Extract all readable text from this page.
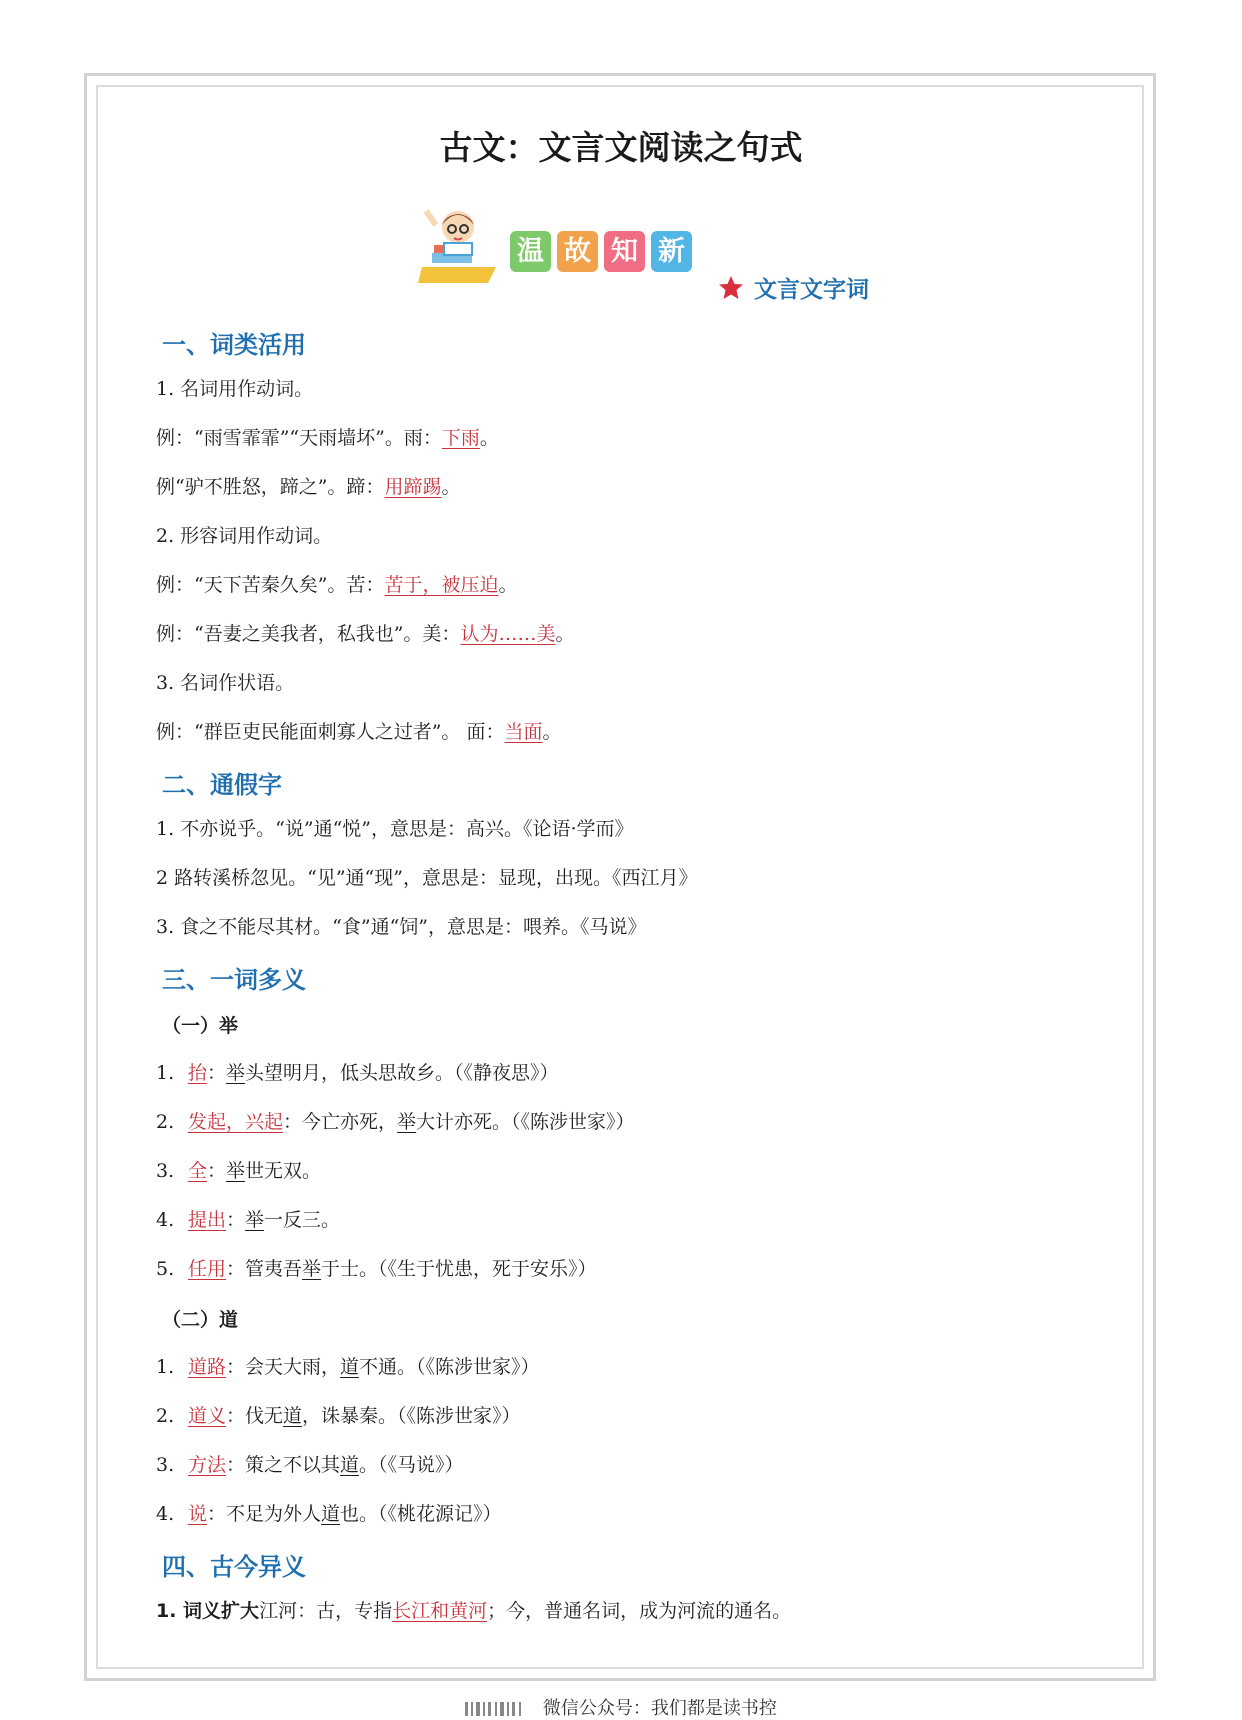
古文：文言文阅读之句式
温 故 知 新
文言文字词
一、词类活用
1. 名词用作动词。
例：“雨雪霏霏”“天雨墙坏”。雨：下雨。
例“驴不胜怒，蹄之”。蹄：用蹄踢。
2. 形容词用作动词。
例：“天下苦秦久矣”。苦：苦于，被压迫。
例：“吾妻之美我者，私我也”。美：认为……美。
3. 名词作状语。
例：“群臣吏民能面刺寡人之过者”。 面：当面。
二、通假字
1. 不亦说乎。“说”通“悦”，意思是：高兴。《论语·学而》
2 路转溪桥忽见。“见”通“现”，意思是：显现，出现。《西江月》
3. 食之不能尽其材。“食”通“饲”，意思是：喂养。《马说》
三、一词多义
（一）举
1. 抬：举头望明月，低头思故乡。（《静夜思》）
2. 发起，兴起：今亡亦死，举大计亦死。（《陈涉世家》）
3. 全：举世无双。
4. 提出：举一反三。
5. 任用：管夷吾举于士。（《生于忧患，死于安乐》）
（二）道
1. 道路：会天大雨，道不通。（《陈涉世家》）
2. 道义：伐无道，诛暴秦。（《陈涉世家》）
3. 方法：策之不以其道。（《马说》）
4. 说：不足为外人道也。（《桃花源记》）
四、古今异义
1. 词义扩大江河：古，专指长江和黄河；今，普通名词，成为河流的通名。
微信公众号：我们都是读书控
